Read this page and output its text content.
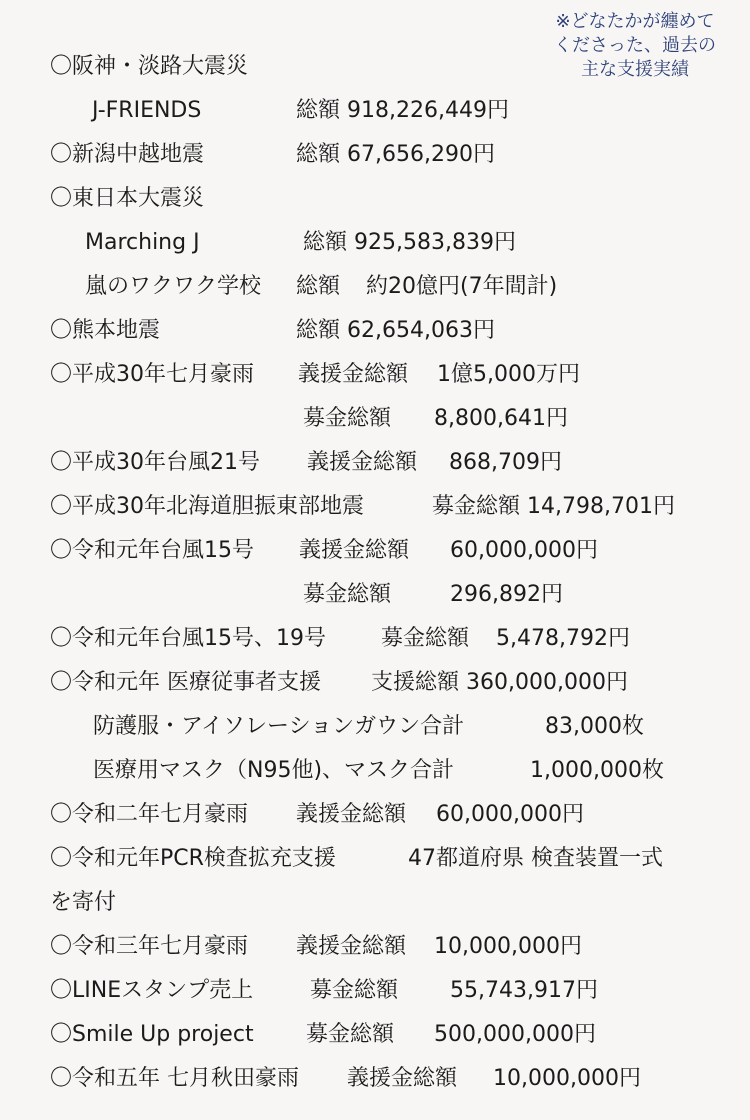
※どなたかが纏めて
くださった、過去の
主な支援実績
〇阪神・淡路大震災
J-FRIENDS	総額 918,226,449円
〇新潟中越地震	総額 67,656,290円
〇東日本大震災
Marching J	総額 925,583,839円
嵐のワクワク学校 総額 約20億円(7年間計)
〇熊本地震	総額 62,654,063円
〇平成30年七月豪雨 義援金総額 1億5,000万円
募金総額 8,800,641円
〇平成30年台風21号 義援金総額 868,709円
〇平成30年北海道胆振東部地震	募金総額 14,798,701円
〇令和元年台風15号 義援金総額 60,000,000円
募金総額	296,892円
〇令和元年台風15号、19号	募金総額 5,478,792円
〇令和元年 医療従事者支援 支援総額 360,000,000円
防護服・アイソレーションガウン合計	83,000枚
医療用マスク（N95他)、マスク合計	1,000,000枚
〇令和二年七月豪雨 義援金総額 60,000,000円
〇令和元年PCR検査拡充支援	47都道府県 検査装置一式
を寄付
〇令和三年七月豪雨 義援金総額 10,000,000円
〇LINEスタンプ売上	募金総額 55,743,917円
〇Smile Up project 募金総額 500,000,000円
〇令和五年 七月秋田豪雨 義援金総額 10,000,000円
